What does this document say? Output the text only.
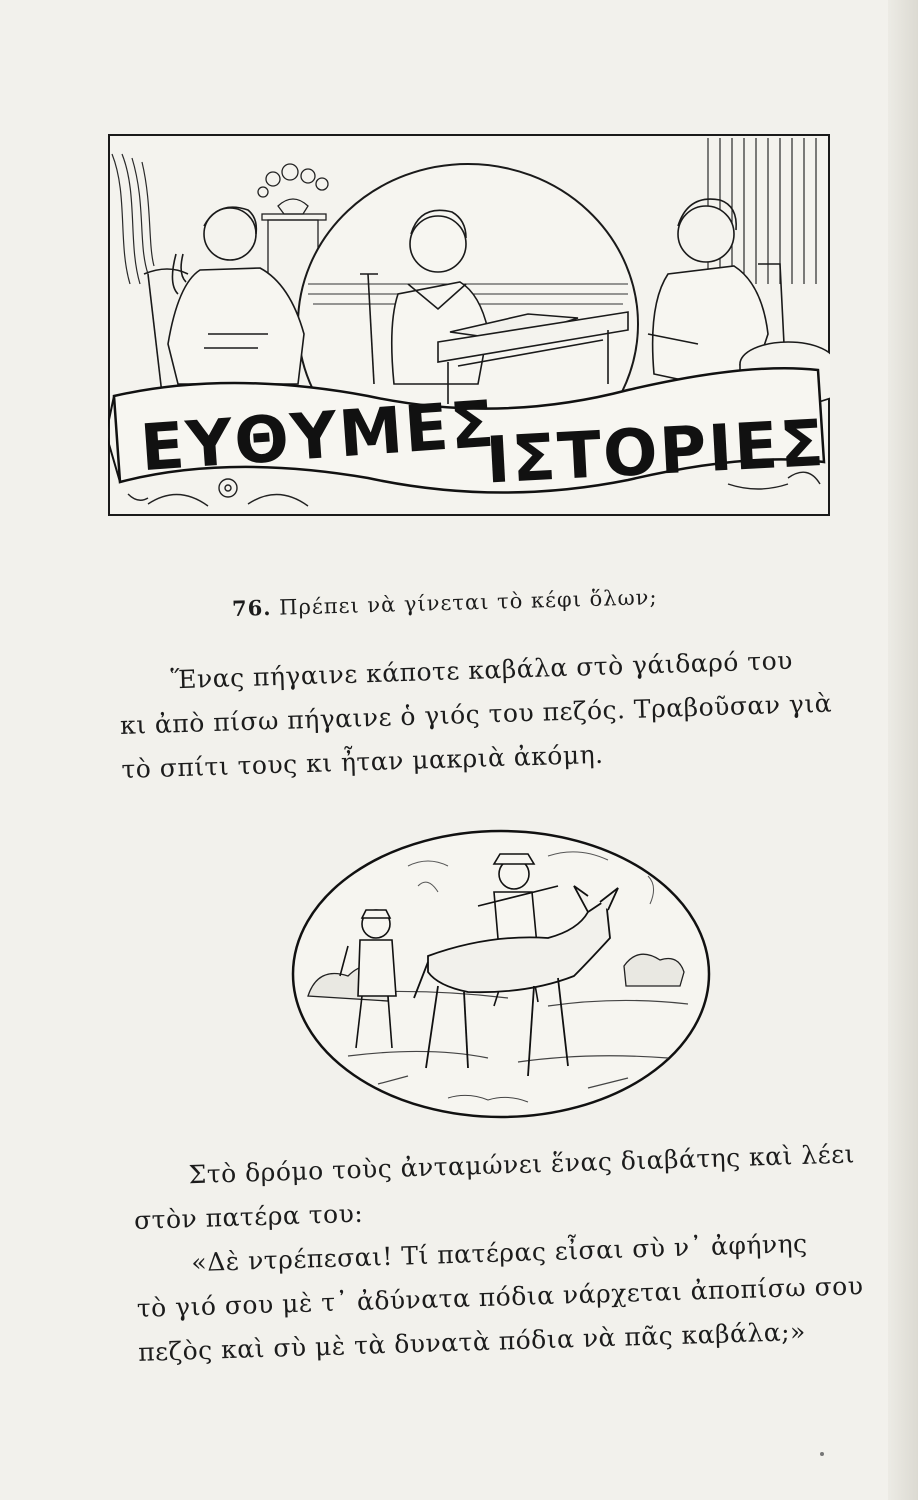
ΕΥΘΥΜΕΣ
ΙΣΤΟΡΙΕΣ
76. Πρέπει νὰ γίνεται τὸ κέφι ὅλων;
Ἕνας πήγαινε κάποτε καβάλα στὸ γάιδαρό του
κι ἀπὸ πίσω πήγαινε ὁ γιός του πεζός. Τραβοῦσαν γιὰ
τὸ σπίτι τους κι ἦταν μακριὰ ἀκόμη.
Στὸ δρόμο τοὺς ἀνταμώνει ἕνας διαβάτης καὶ λέει
στὸν πατέρα του:
«Δὲ ντρέπεσαι! Τί πατέρας εἶσαι σὺ ν᾽ ἀφήνης
τὸ γιό σου μὲ τ᾽ ἀδύνατα πόδια νάρχεται ἀποπίσω σου
πεζὸς καὶ σὺ μὲ τὰ δυνατὰ πόδια νὰ πᾶς καβάλα;»
